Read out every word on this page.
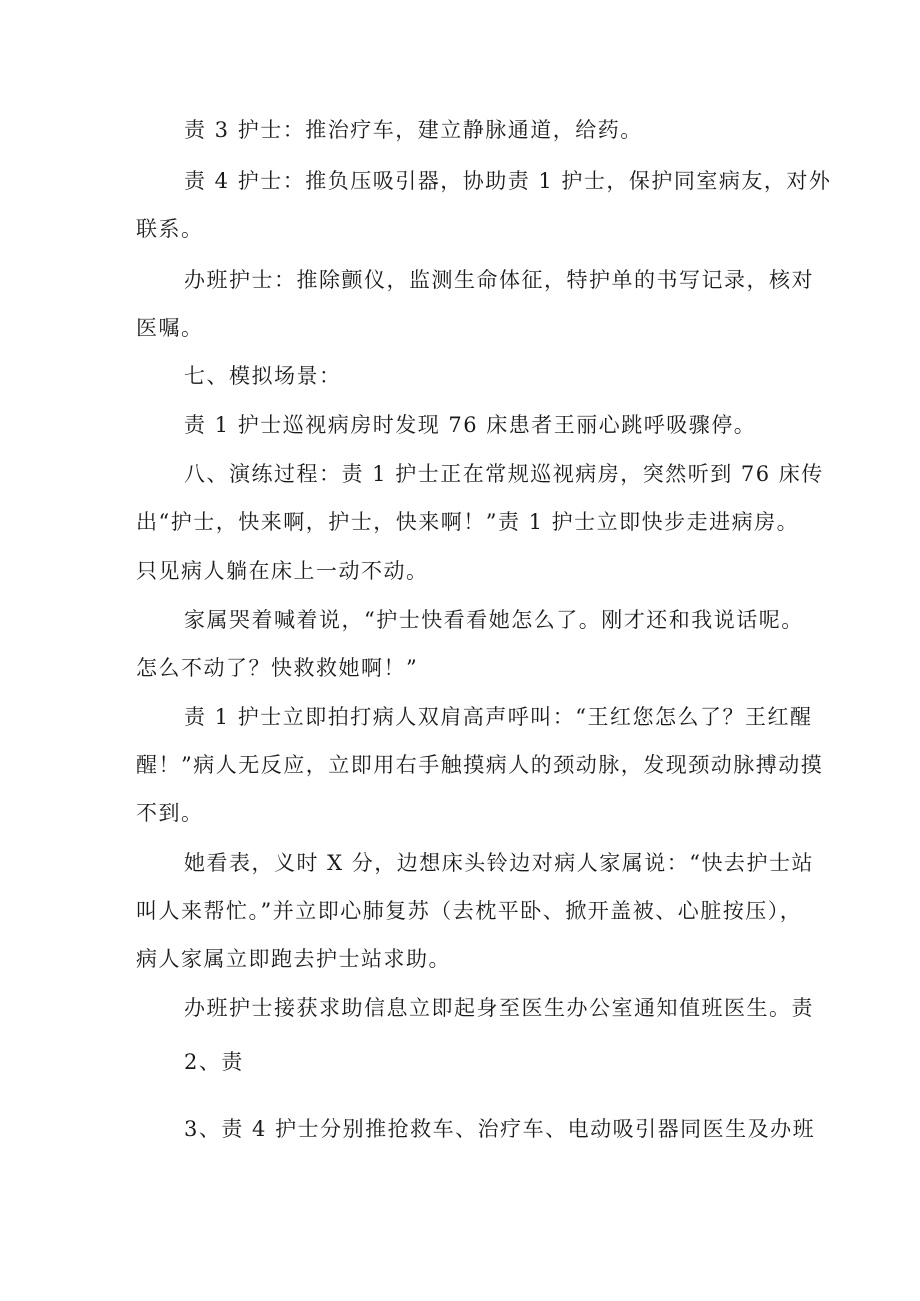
责 3 护士：推治疗车，建立静脉通道，给药。
责 4 护士：推负压吸引器，协助责 1 护士，保护同室病友，对外
联系。
办班护士：推除颤仪，监测生命体征，特护单的书写记录，核对
医嘱。
七、模拟场景：
责 1 护士巡视病房时发现 76 床患者王丽心跳呼吸骤停。
八、演练过程：责 1 护士正在常规巡视病房，突然听到 76 床传
出“护士，快来啊，护士，快来啊！”责 1 护士立即快步走进病房。
只见病人躺在床上一动不动。
家属哭着喊着说，“护士快看看她怎么了。刚才还和我说话呢。
怎么不动了？快救救她啊！”
责 1 护士立即拍打病人双肩高声呼叫：“王红您怎么了？王红醒
醒！”病人无反应，立即用右手触摸病人的颈动脉，发现颈动脉搏动摸
不到。
她看表，义时 X 分，边想床头铃边对病人家属说：“快去护士站
叫人来帮忙。”并立即心肺复苏（去枕平卧、掀开盖被、心脏按压），
病人家属立即跑去护士站求助。
办班护士接获求助信息立即起身至医生办公室通知值班医生。责
2、责
3、责 4 护士分别推抢救车、治疗车、电动吸引器同医生及办班
